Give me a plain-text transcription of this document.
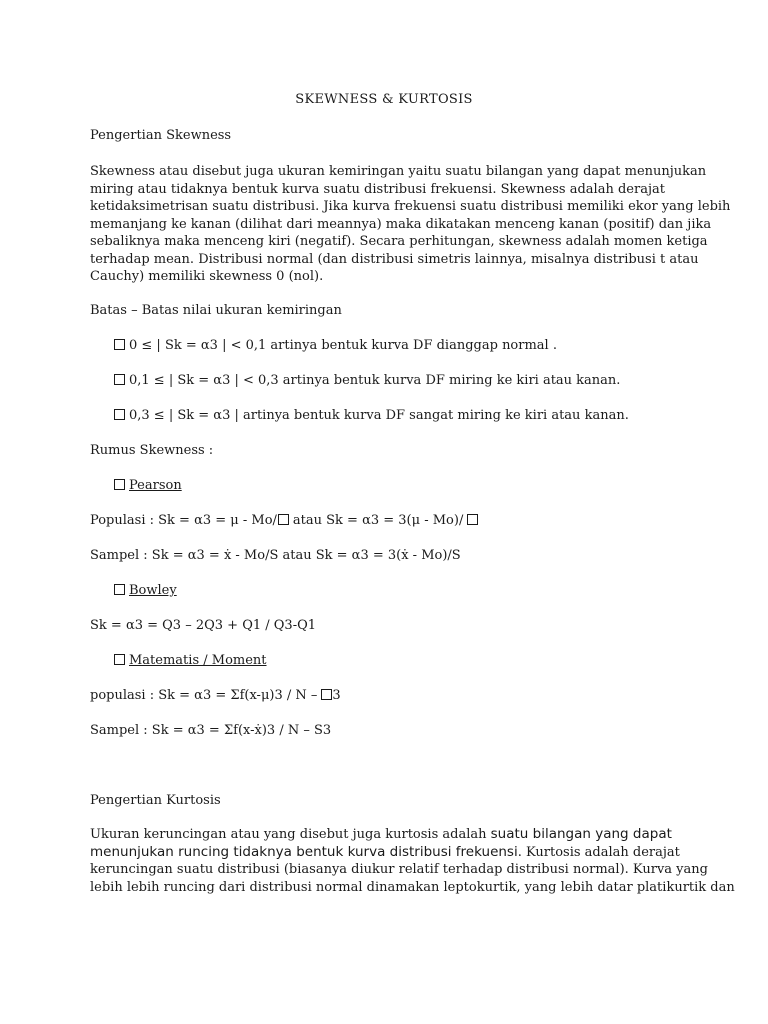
SKEWNESS & KURTOSIS
Pengertian Skewness
Skewness atau disebut juga ukuran kemiringan yaitu suatu bilangan yang dapat menunjukan
miring atau tidaknya bentuk kurva suatu distribusi frekuensi. Skewness adalah derajat
ketidaksimetrisan suatu distribusi. Jika kurva frekuensi suatu distribusi memiliki ekor yang lebih
memanjang ke kanan (dilihat dari meannya) maka dikatakan menceng kanan (positif) dan jika
sebaliknya maka menceng kiri (negatif). Secara perhitungan, skewness adalah momen ketiga
terhadap mean. Distribusi normal (dan distribusi simetris lainnya, misalnya distribusi t atau
Cauchy) memiliki skewness 0 (nol).
Batas – Batas nilai ukuran kemiringan
0 ≤ | Sk = α3 | < 0,1 artinya bentuk kurva DF dianggap normal .
0,1 ≤ | Sk = α3 | < 0,3 artinya bentuk kurva DF miring ke kiri atau kanan.
0,3 ≤ | Sk = α3 | artinya bentuk kurva DF sangat miring ke kiri atau kanan.
Rumus Skewness :
Pearson
Populasi : Sk = α3 = μ - Mo/ atau Sk = α3 = 3(μ - Mo)/
Sampel : Sk = α3 = ẋ - Mo/S atau Sk = α3 = 3(ẋ - Mo)/S
Bowley
Sk = α3 = Q3 – 2Q3 + Q1 / Q3-Q1
Matematis / Moment
populasi : Sk = α3 = Σf(x-μ)3 / N – 3
Sampel : Sk = α3 = Σf(x-ẋ)3 / N – S3
Pengertian Kurtosis
Ukuran keruncingan atau yang disebut juga kurtosis adalah suatu bilangan yang dapat
menunjukan runcing tidaknya bentuk kurva distribusi frekuensi. Kurtosis adalah derajat
keruncingan suatu distribusi (biasanya diukur relatif terhadap distribusi normal). Kurva yang
lebih lebih runcing dari distribusi normal dinamakan leptokurtik, yang lebih datar platikurtik dan
